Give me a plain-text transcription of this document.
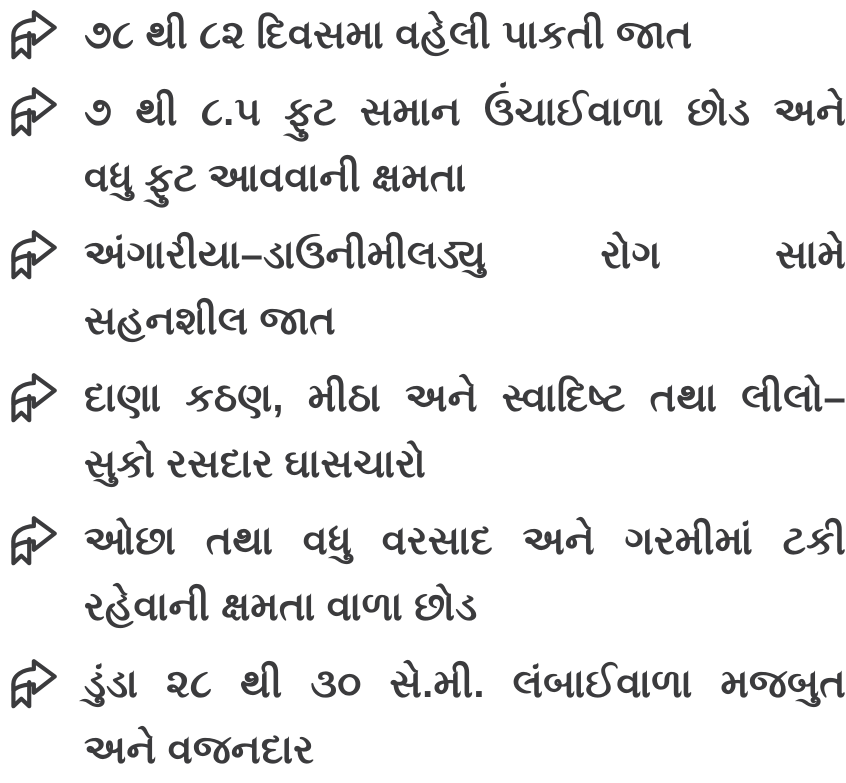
૭૮ થી ૮૨ દિવસમા વહેલી પાકતી જાત
૭ થી ૮.૫ ફુટ સમાન ઉંચાઈવાળા છોડ અને
વધુ ફુટ આવવાની ક્ષમતા
અંગારીયા–ડાઉનીમીલડ્યુ રોગ સામે
સહનશીલ જાત
દાણા કઠણ, મીઠા અને સ્વાદિષ્ટ તથા લીલો–
સુકો રસદાર ઘાસચારો
ઓછા તથા વધુ વરસાદ અને ગરમીમાં ટકી
રહેવાની ક્ષમતા વાળા છોડ
ડુંડા ૨૮ થી ૩૦ સે.મી. લંબાઈવાળા મજબુત
અને વજનદાર
